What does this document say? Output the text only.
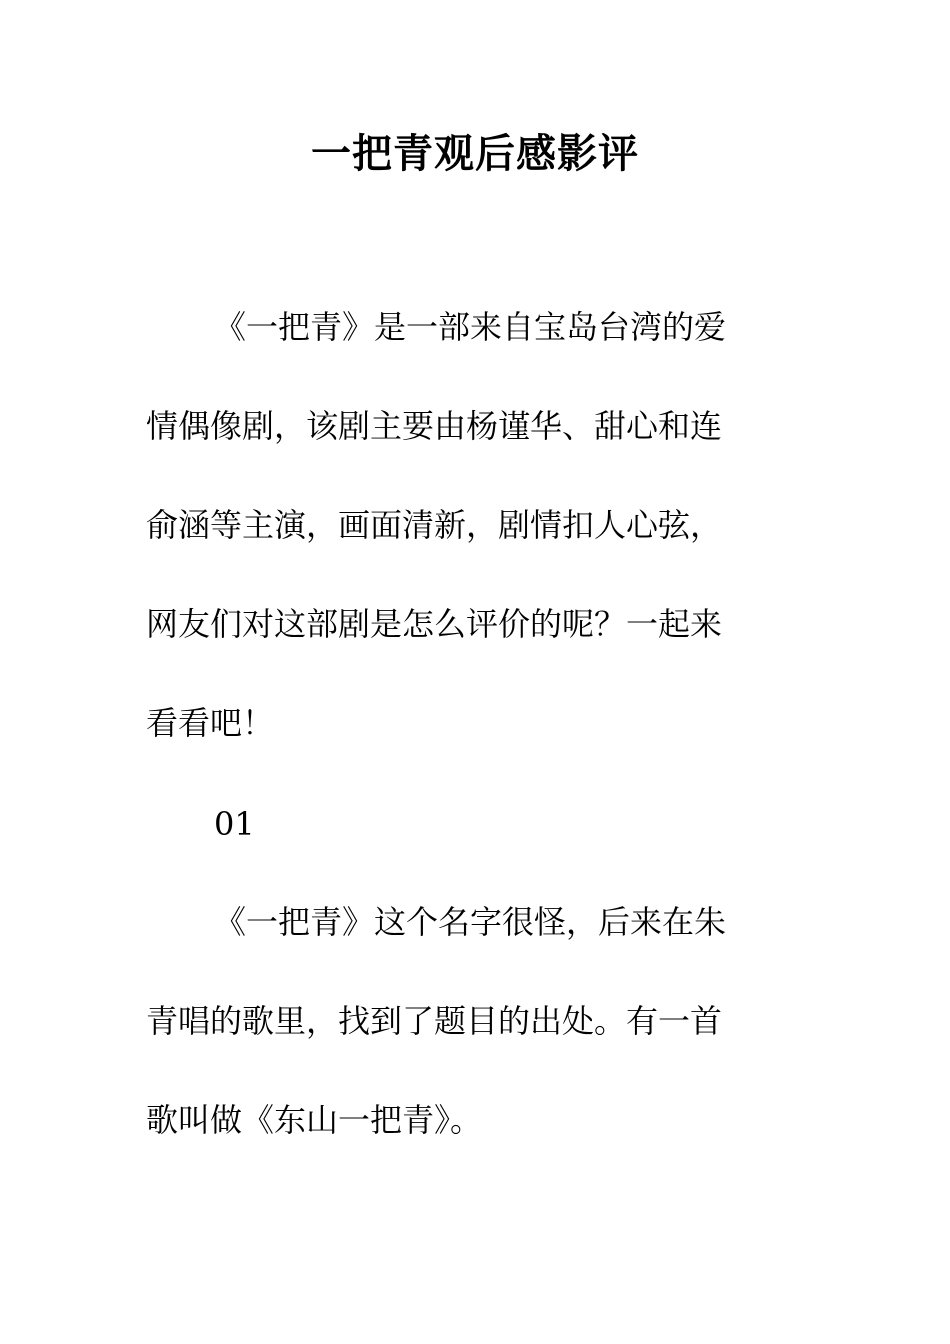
一把青观后感影评
《一把青》是一部来自宝岛台湾的爱
情偶像剧，该剧主要由杨谨华、甜心和连
俞涵等主演，画面清新，剧情扣人心弦，
网友们对这部剧是怎么评价的呢？一起来
看看吧！
01
《一把青》这个名字很怪，后来在朱
青唱的歌里，找到了题目的出处。有一首
歌叫做《东山一把青》。
